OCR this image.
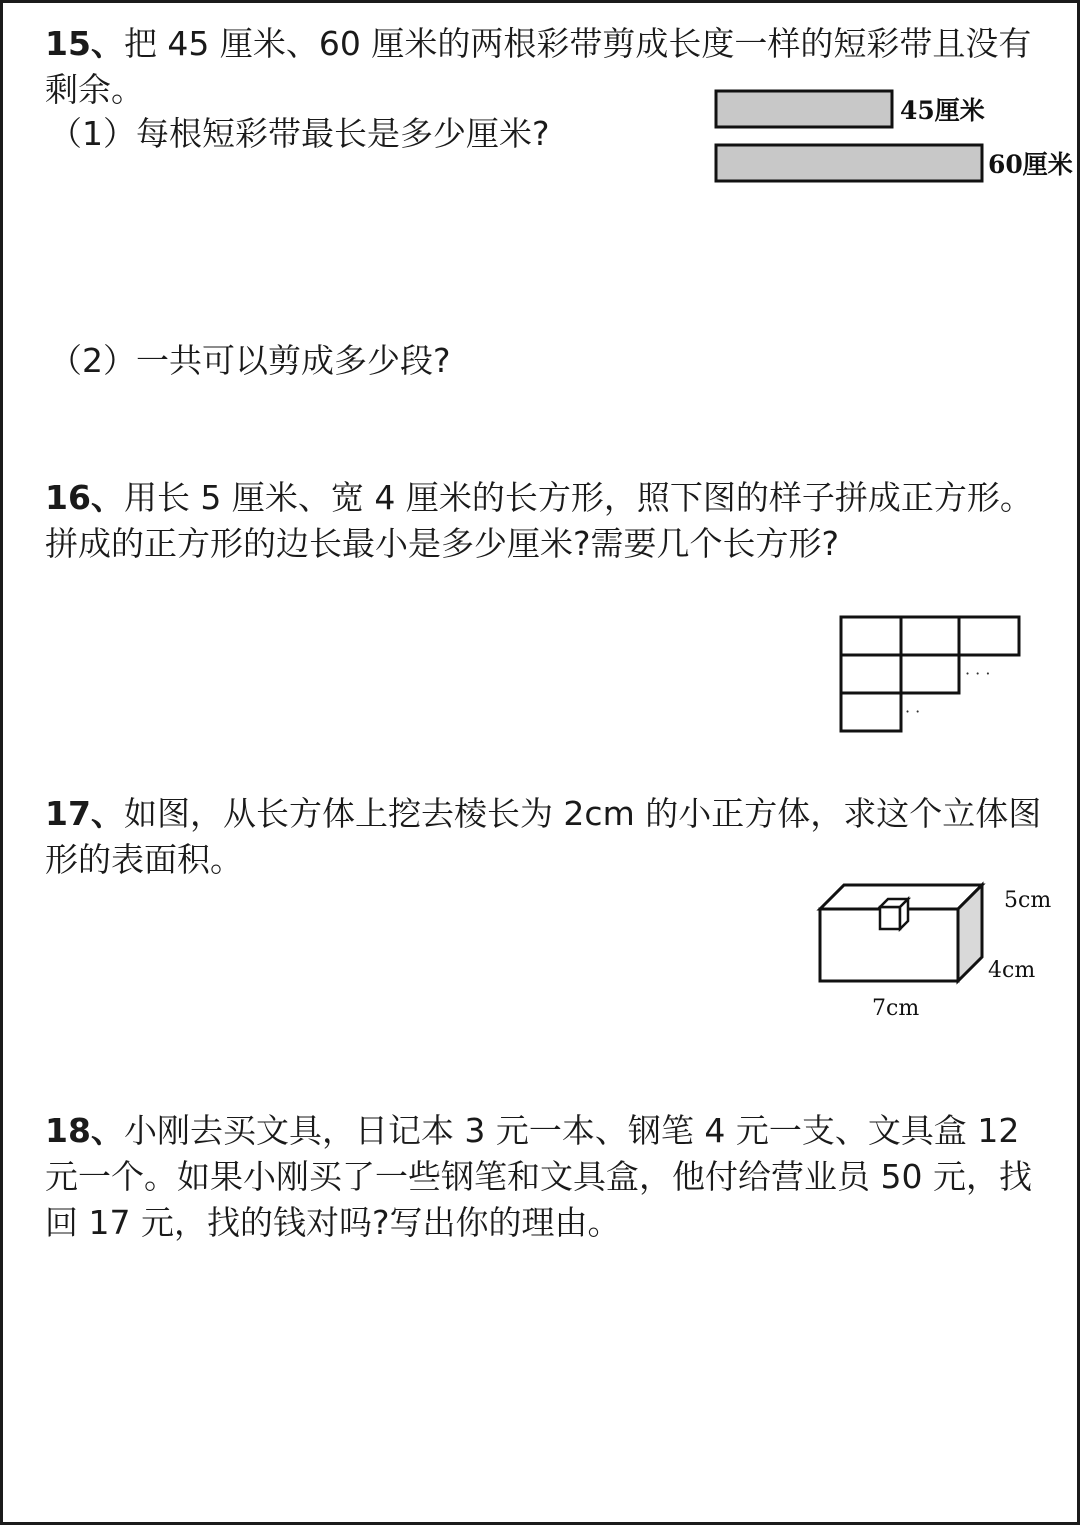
15、把 45 厘米、60 厘米的两根彩带剪成长度一样的短彩带且没有剩余。

（1）每根短彩带最长是多少厘米?
45厘米
60厘米
（2）一共可以剪成多少段?

16、用长 5 厘米、宽 4 厘米的长方形，照下图的样子拼成正方形。拼成的正方形的边长最小是多少厘米?需要几个长方形?

· · ·
· ·

17、如图，从长方体上挖去棱长为 2cm 的小正方体，求这个立体图形的表面积。

5cm
4cm
7cm

18、小刚去买文具，日记本 3 元一本、钢笔 4 元一支、文具盒 12 元一个。如果小刚买了一些钢笔和文具盒，他付给营业员 50 元，找回 17 元，找的钱对吗?写出你的理由。
